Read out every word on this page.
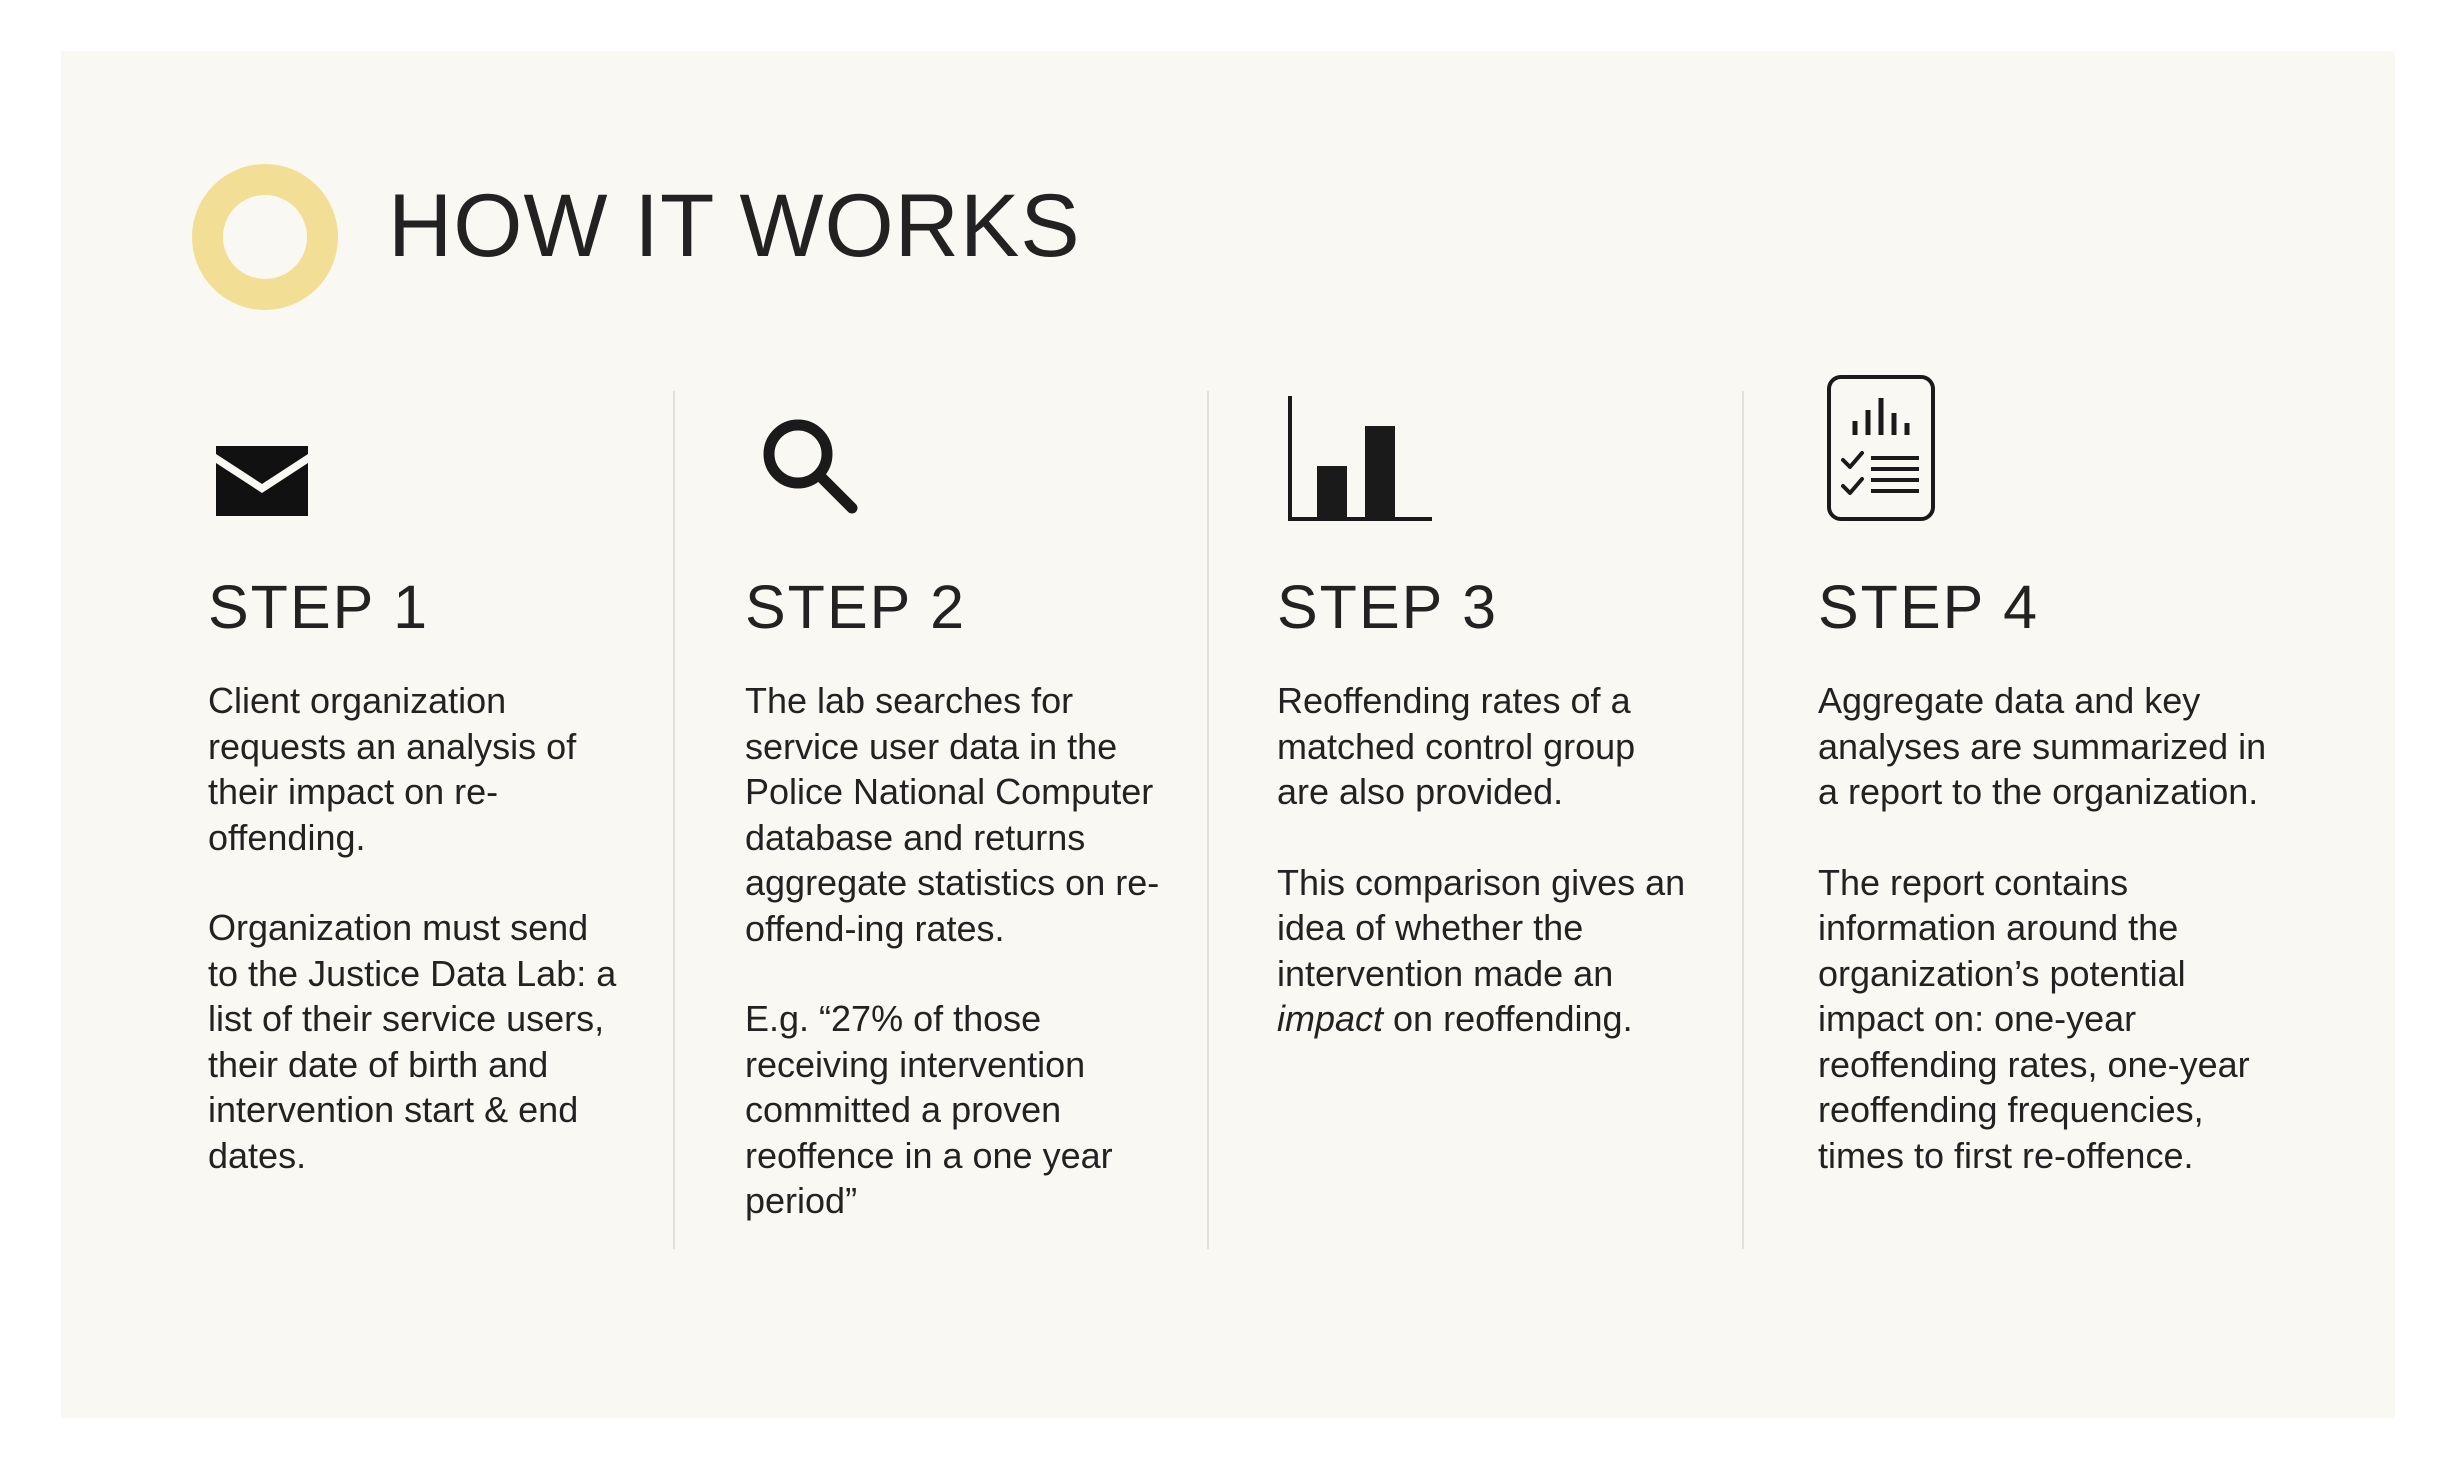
HOW IT WORKS
STEP 1

Client organization requests an analysis of their impact on re-offending.

Organization must send to the Justice Data Lab: a list of their service users, their date of birth and intervention start & end dates.

STEP 2

The lab searches for service user data in the Police National Computer database and returns aggregate statistics on re-offend-ing rates.

E.g. “27% of those receiving intervention committed a proven reoffence in a one year period”

STEP 3

Reoffending rates of a matched control group are also provided.

This comparison gives an idea of whether the intervention made an impact on reoffending.

STEP 4

Aggregate data and key analyses are summarized in a report to the organization.

The report contains information around the organization’s potential impact on: one-year reoffending rates, one-year reoffending frequencies, times to first re-offence.
